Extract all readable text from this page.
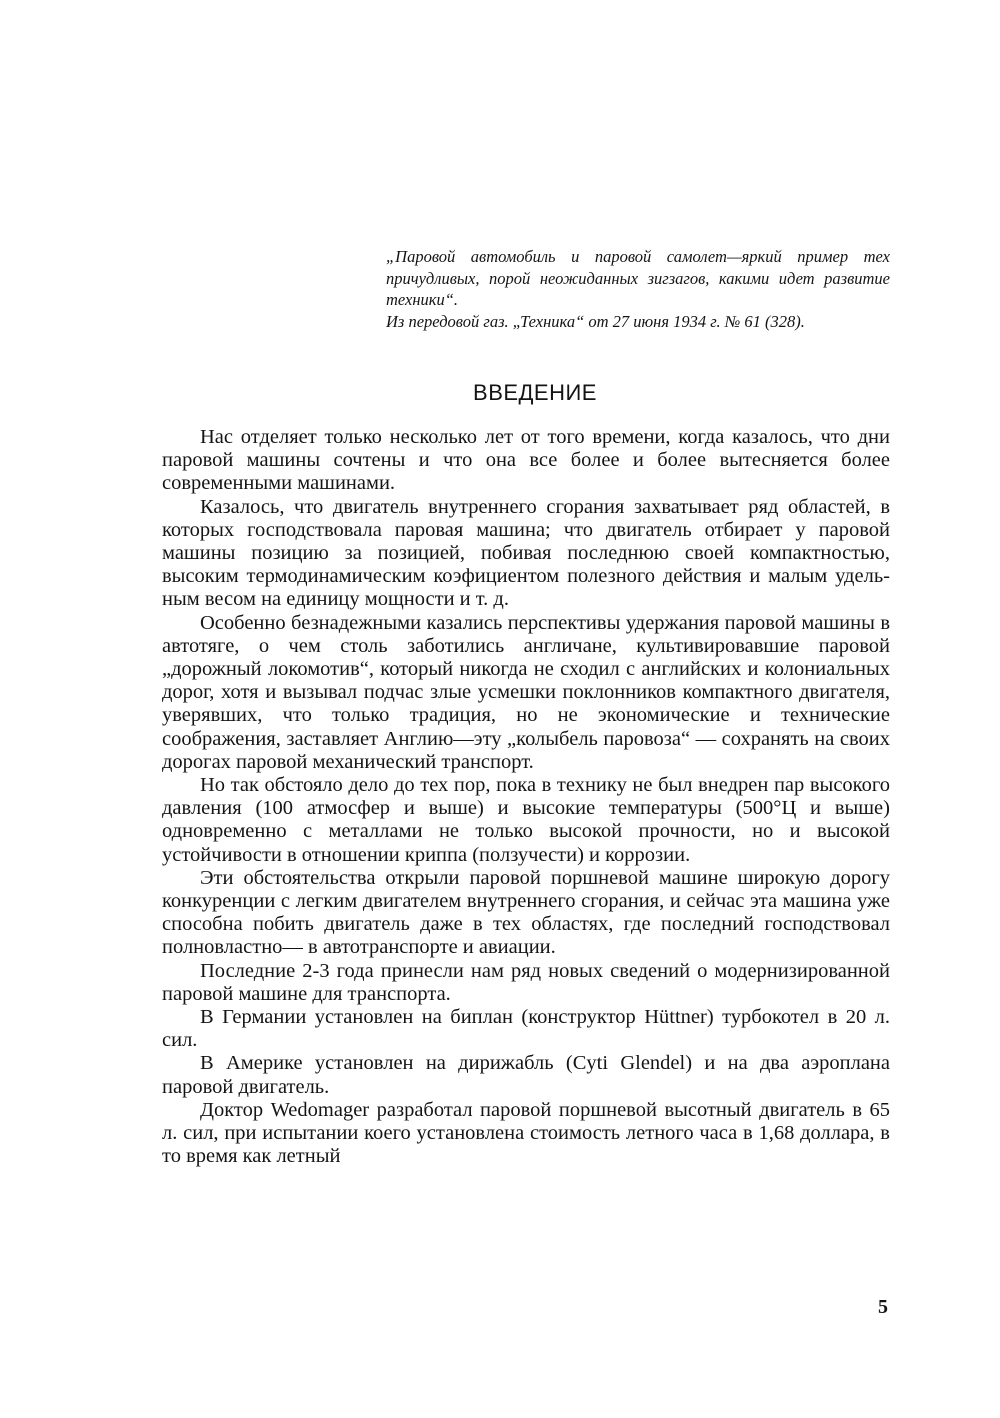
„Паровой автомобиль и паровой самолет—яркий пример тех причудливых, порой неожиданных зигзагов, какими идет развитие техники“.

Из передовой газ. „Техника“ от 27 июня 1934 г. № 61 (328).

ВВЕДЕНИЕ

Нас отделяет только несколько лет от того времени, когда казалось, что дни паровой машины сочтены и что она все более и более вытесняется более современными машинами.

Казалось, что двигатель внутреннего сгорания захватывает ряд областей, в которых господствовала паровая машина; что двигатель отбирает у паровой машины позицию за позицией, побивая последнюю своей компактностью, высоким термодинамическим коэфициентом полезного действия и малым удельным весом на единицу мощности и т. д.

Особенно безнадежными казались перспективы удержания паровой машины в автотяге, о чем столь заботились англичане, культивировавшие паровой „дорожный локомотив“, который никогда не сходил с английских и колониальных дорог, хотя и вызывал подчас злые усмешки поклонников компактного двигателя, уверявших, что только традиция, но не экономические и технические соображения, заставляет Англию—эту „колыбель паровоза“ — сохранять на своих дорогах паровой механический транспорт.

Но так обстояло дело до тех пор, пока в технику не был внедрен пар высокого давления (100 атмосфер и выше) и высокие температуры (500°Ц и выше) одновременно с металлами не только высокой прочности, но и высокой устойчивости в отношении криппа (ползучести) и коррозии.

Эти обстоятельства открыли паровой поршневой машине широкую дорогу конкуренции с легким двигателем внутреннего сгорания, и сейчас эта машина уже способна побить двигатель даже в тех областях, где последний господствовал полновластно— в автотранспорте и авиации.

Последние 2-3 года принесли нам ряд новых сведений о модернизированной паровой машине для транспорта.

В Германии установлен на биплан (конструктор Hüttner) турбокотел в 20 л. сил.

В Америке установлен на дирижабль (Cyti Glendel) и на два аэроплана паровой двигатель.

Доктор Wedomager разработал паровой поршневой высотный двигатель в 65 л. сил, при испытании коего установлена стоимость летного часа в 1,68 доллара, в то время как летный

5
